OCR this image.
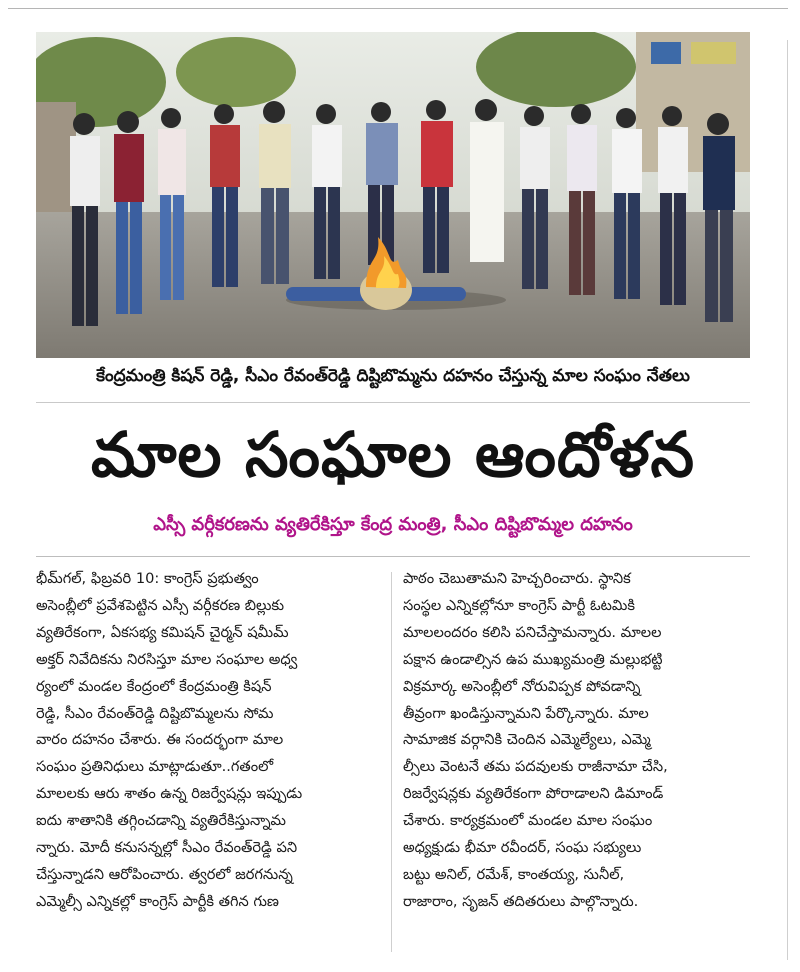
కేంద్రమంత్రి కిషన్ రెడ్డి, సీఎం రేవంత్‌రెడ్డి దిష్టిబొమ్మను దహనం చేస్తున్న మాల సంఘం నేతలు
మాల సంఘాల ఆందోళన
ఎస్సీ వర్గీకరణను వ్యతిరేకిస్తూ కేంద్ర మంత్రి, సీఎం దిష్టిబొమ్మల దహనం
భీమ్‌గల్, ఫిబ్రవరి 10: కాంగ్రెస్ ప్రభుత్వం
అసెంబ్లీలో ప్రవేశపెట్టిన ఎస్సీ వర్గీకరణ బిల్లుకు
వ్యతిరేకంగా, ఏకసభ్య కమిషన్ చైర్మన్ షమీమ్
అక్తర్ నివేదికను నిరసిస్తూ మాల సంఘాల అధ్వ
ర్యంలో మండల కేంద్రంలో కేంద్రమంత్రి కిషన్
రెడ్డి, సీఎం రేవంత్‌రెడ్డి దిష్టిబొమ్మలను సోమ
వారం దహనం చేశారు. ఈ సందర్భంగా మాల
సంఘం ప్రతినిధులు మాట్లాడుతూ..గతంలో
మాలలకు ఆరు శాతం ఉన్న రిజర్వేషన్లు ఇప్పుడు
ఐదు శాతానికి తగ్గించడాన్ని వ్యతిరేకిస్తున్నామ
న్నారు. మోదీ కనుసన్నల్లో సీఎం రేవంత్‌రెడ్డి పని
చేస్తున్నాడని ఆరోపించారు. త్వరలో జరగనున్న
ఎమ్మెల్సీ ఎన్నికల్లో కాంగ్రెస్ పార్టీకి తగిన గుణ
పాఠం చెబుతామని హెచ్చరించారు. స్థానిక
సంస్థల ఎన్నికల్లోనూ కాంగ్రెస్ పార్టీ ఓటమికి
మాలలందరం కలిసి పనిచేస్తామన్నారు. మాలల
పక్షాన ఉండాల్సిన ఉప ముఖ్యమంత్రి మల్లుభట్టి
విక్రమార్క అసెంబ్లీలో నోరువిప్పక పోవడాన్ని
తీవ్రంగా ఖండిస్తున్నామని పేర్కొన్నారు. మాల
సామాజిక వర్గానికి చెందిన ఎమ్మెల్యేలు, ఎమ్మె
ల్సీలు వెంటనే తమ పదవులకు రాజీనామా చేసి,
రిజర్వేషన్లకు వ్యతిరేకంగా పోరాడాలని డిమాండ్
చేశారు. కార్యక్రమంలో మండల మాల సంఘం
అధ్యక్షుడు భీమా రవీందర్, సంఘ సభ్యులు
బట్టు అనిల్, రమేశ్, కాంతయ్య, సునీల్,
రాజారాం, సృజన్ తదితరులు పాల్గొన్నారు.
